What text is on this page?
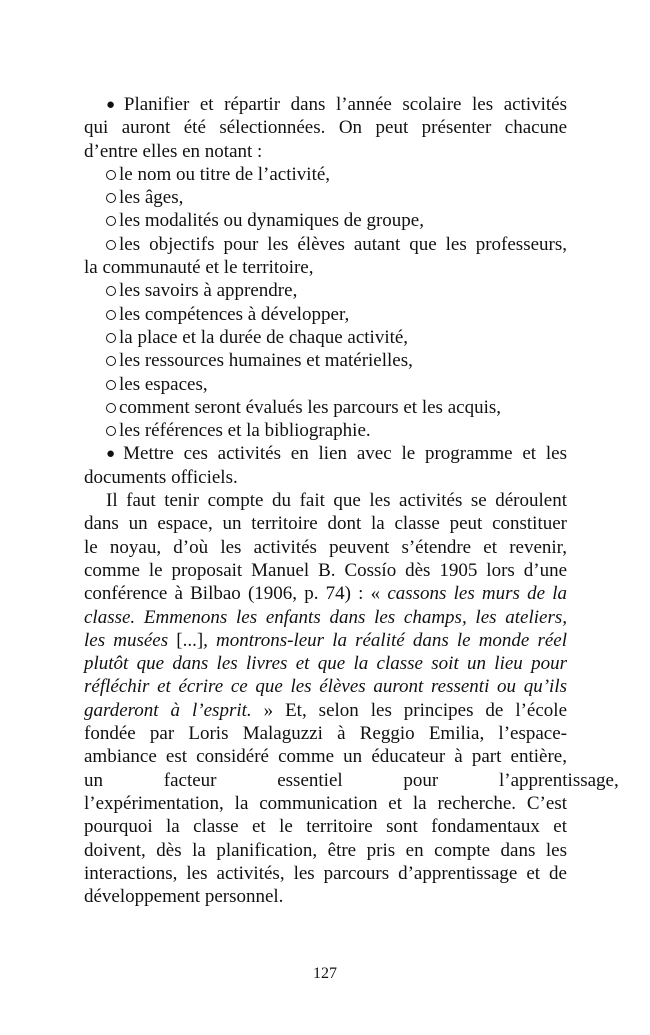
● Planifier et répartir dans l’année scolaire les activités
qui auront été sélectionnées. On peut présenter chacune
d’entre elles en notant :
le nom ou titre de l’activité,
les âges,
les modalités ou dynamiques de groupe,
les objectifs pour les élèves autant que les professeurs,
la communauté et le territoire,
les savoirs à apprendre,
les compétences à développer,
la place et la durée de chaque activité,
les ressources humaines et matérielles,
les espaces,
comment seront évalués les parcours et les acquis,
les références et la bibliographie.
● Mettre ces activités en lien avec le programme et les
documents officiels.
Il faut tenir compte du fait que les activités se déroulent
dans un espace, un territoire dont la classe peut constituer
le noyau, d’où les activités peuvent s’étendre et revenir,
comme le proposait Manuel B. Cossío dès 1905 lors d’une
conférence à Bilbao (1906, p. 74) : « cassons les murs de la
classe. Emmenons les enfants dans les champs, les ateliers,
les musées [...], montrons-leur la réalité dans le monde réel
plutôt que dans les livres et que la classe soit un lieu pour
réfléchir et écrire ce que les élèves auront ressenti ou qu’ils
garderont à l’esprit. » Et, selon les principes de l’école
fondée par Loris Malaguzzi à Reggio Emilia, l’espace-
ambiance est considéré comme un éducateur à part entière,
un facteur essentiel pour l’apprentissage,
l’expérimentation, la communication et la recherche. C’est
pourquoi la classe et le territoire sont fondamentaux et
doivent, dès la planification, être pris en compte dans les
interactions, les activités, les parcours d’apprentissage et de
développement personnel.
127
